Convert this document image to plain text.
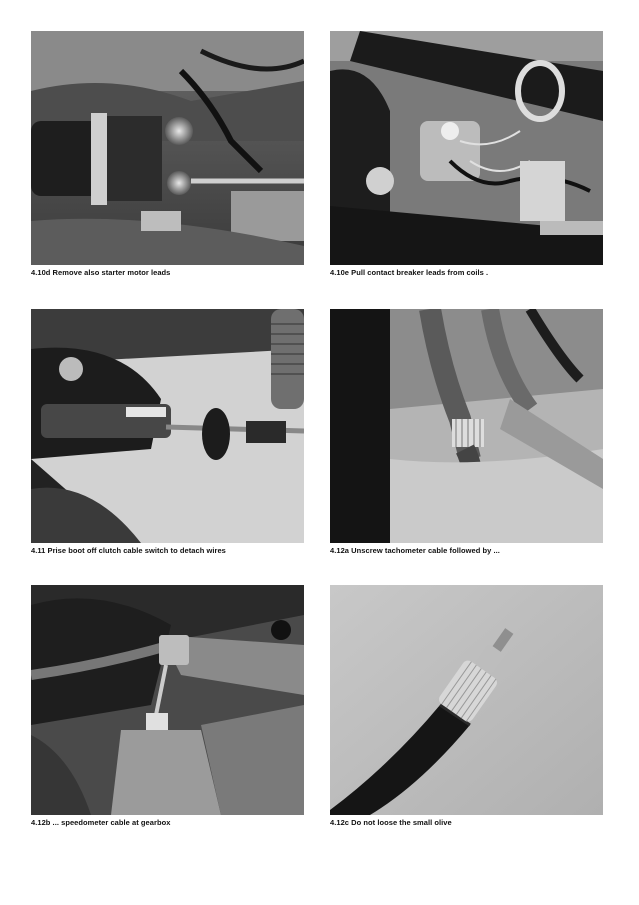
4.10d Remove also starter motor leads	4.10e Pull contact breaker leads from coils .
4.11 Prise boot off clutch cable switch to detach wires	4.12a Unscrew tachometer cable followed by ...
4.12b ... speedometer cable at gearbox	4.12c Do not loose the small olive
